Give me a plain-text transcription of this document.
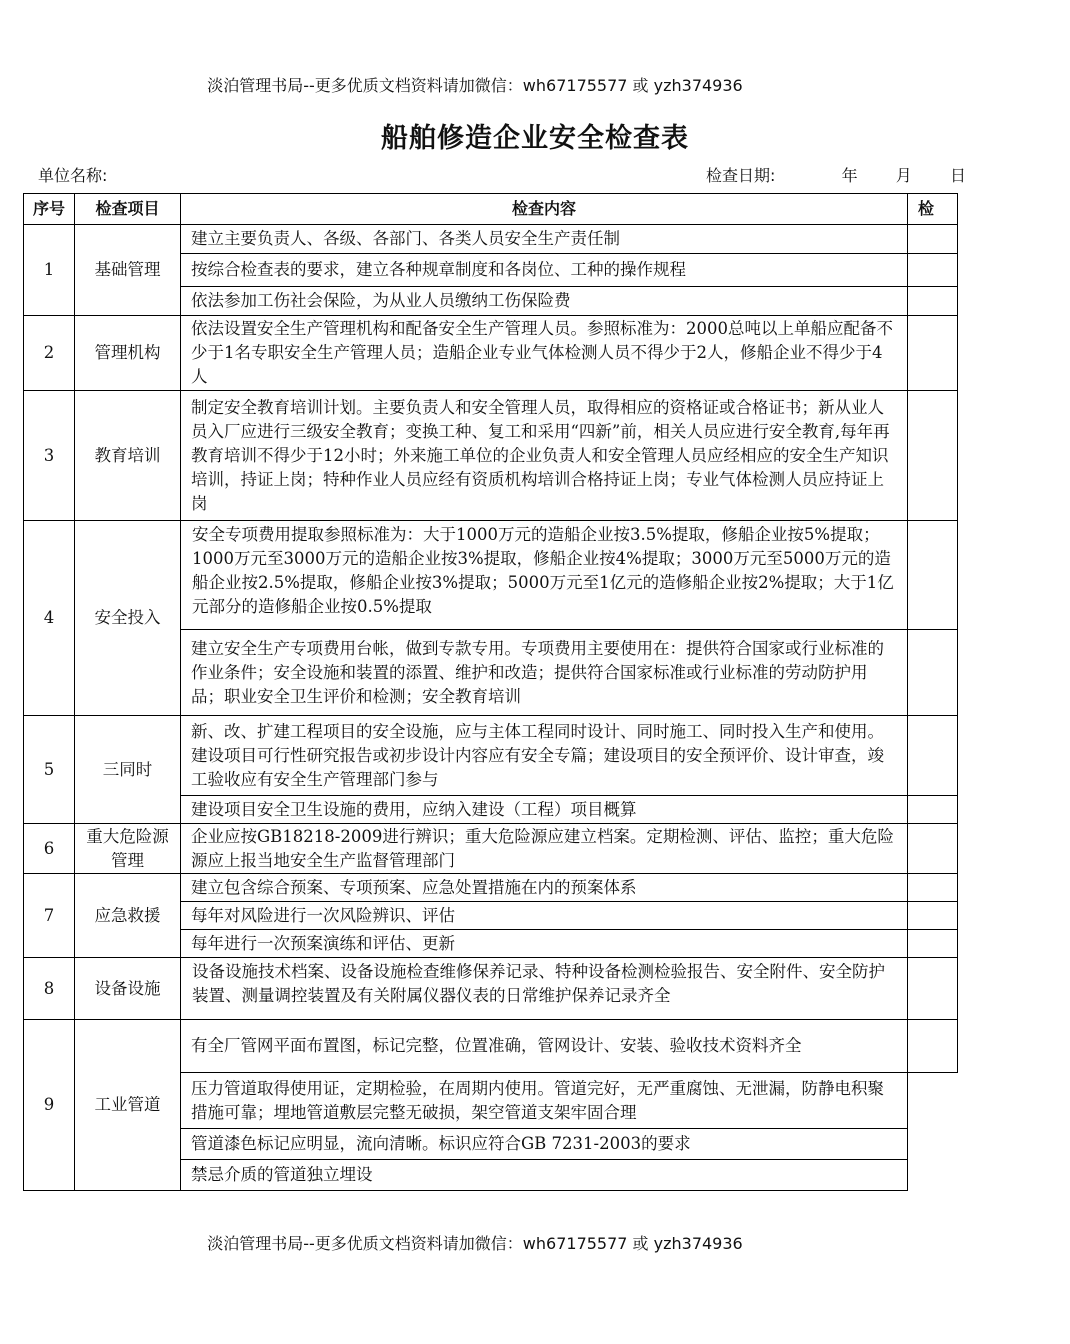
淡泊管理书局--更多优质文档资料请加微信：wh67175577 或 yzh374936
船舶修造企业安全检查表
单位名称:	检查日期:	年 月 日
序号	检查项目	检查内容	检
1	基础管理	建立主要负责人、各级、各部门、各类人员安全生产责任制	
		按综合检查表的要求，建立各种规章制度和各岗位、工种的操作规程	
		依法参加工伤社会保险，为从业人员缴纳工伤保险费	
2	管理机构	依法设置安全生产管理机构和配备安全生产管理人员。参照标准为：2000总吨以上单船应配备不少于1名专职安全生产管理人员；造船企业专业气体检测人员不得少于2人，修船企业不得少于4人	
3	教育培训	制定安全教育培训计划。主要负责人和安全管理人员，取得相应的资格证或合格证书；新从业人员入厂应进行三级安全教育；变换工种、复工和采用“四新”前，相关人员应进行安全教育,每年再教育培训不得少于12小时；外来施工单位的企业负责人和安全管理人员应经相应的安全生产知识培训，持证上岗；特种作业人员应经有资质机构培训合格持证上岗；专业气体检测人员应持证上岗	
4	安全投入	安全专项费用提取参照标准为：大于1000万元的造船企业按3.5%提取，修船企业按5%提取；1000万元至3000万元的造船企业按3%提取，修船企业按4%提取；3000万元至5000万元的造船企业按2.5%提取，修船企业按3%提取；5000万元至1亿元的造修船企业按2%提取；大于1亿元部分的造修船企业按0.5%提取	

		建立安全生产专项费用台帐，做到专款专用。专项费用主要使用在：提供符合国家或行业标准的作业条件；安全设施和装置的添置、维护和改造；提供符合国家标准或行业标准的劳动防护用品；职业安全卫生评价和检测；安全教育培训	
5	三同时	新、改、扩建工程项目的安全设施，应与主体工程同时设计、同时施工、同时投入生产和使用。建设项目可行性研究报告或初步设计内容应有安全专篇；建设项目的安全预评价、设计审查，竣工验收应有安全生产管理部门参与	
		建设项目安全卫生设施的费用，应纳入建设（工程）项目概算	
6	重大危险源管理	企业应按GB18218-2009进行辨识；重大危险源应建立档案。定期检测、评估、监控；重大危险源应上报当地安全生产监督管理部门	
7	应急救援	建立包含综合预案、专项预案、应急处置措施在内的预案体系	
		每年对风险进行一次风险辨识、评估	
		每年进行一次预案演练和评估、更新	
8	设备设施	设备设施技术档案、设备设施检查维修保养记录、特种设备检测检验报告、安全附件、安全防护装置、测量调控装置及有关附属仪器仪表的日常维护保养记录齐全	

9	工业管道	有全厂管网平面布置图，标记完整，位置准确，管网设计、安装、验收技术资料齐全	
		压力管道取得使用证，定期检验，在周期内使用。管道完好，无严重腐蚀、无泄漏，防静电积聚措施可靠；埋地管道敷层完整无破损，架空管道支架牢固合理	
		管道漆色标记应明显，流向清晰。标识应符合GB 7231-2003的要求	
		禁忌介质的管道独立埋设	
淡泊管理书局--更多优质文档资料请加微信：wh67175577 或 yzh374936
